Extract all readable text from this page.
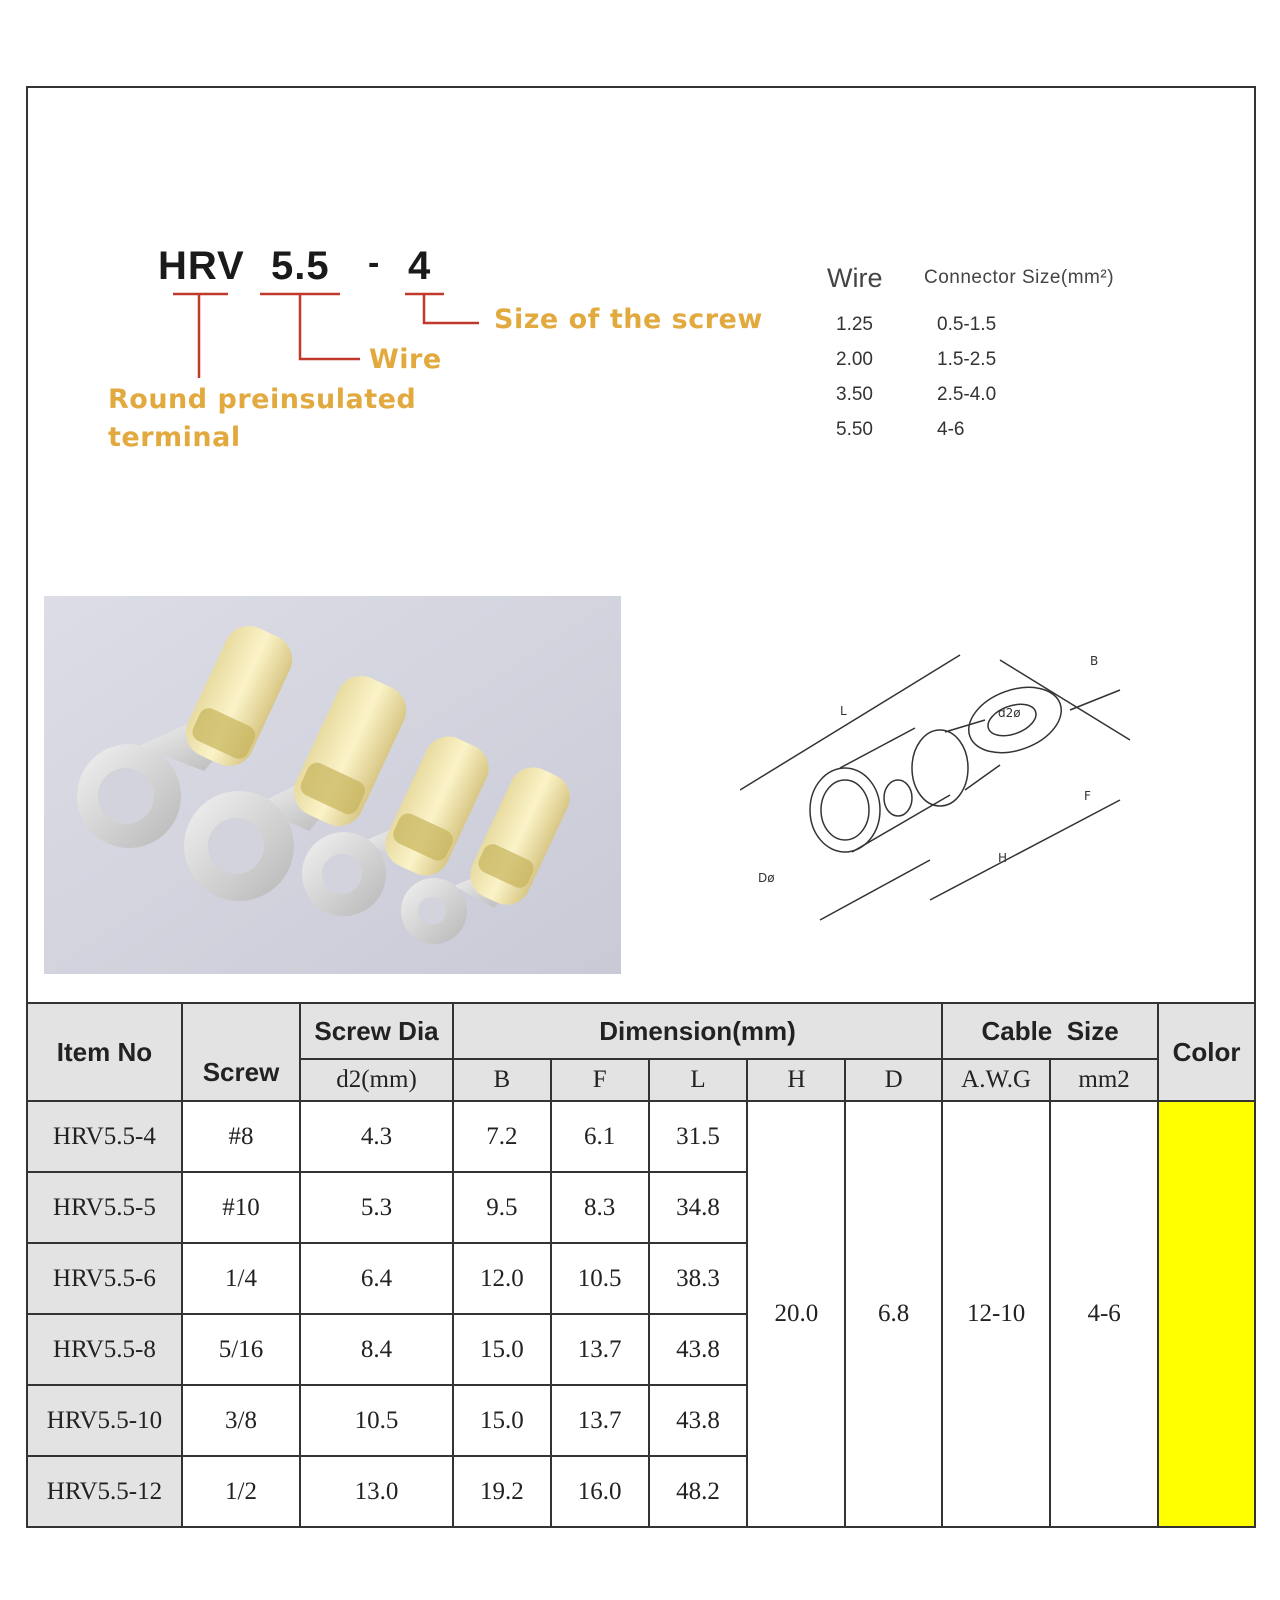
HRV 5.5 - 4
Size of the screw
Wire
Round preinsulated
terminal
Wire Connector Size(mm²)
1.25	0.5-1.5
2.00	1.5-2.5
3.50	2.5-4.0
5.50	4-6
L
B
d2ø
F
H
Dø
Item No	Screw	Screw Dia	Dimension(mm)					Cable  Size		Color
		d2(mm)	B	F	L	H	D	A.W.G	mm2	
HRV5.5-4	#8	4.3	7.2	6.1	31.5	20.0	6.8	12-10	4-6	
HRV5.5-5	#10	5.3	9.5	8.3	34.8					
HRV5.5-6	1/4	6.4	12.0	10.5	38.3					
HRV5.5-8	5/16	8.4	15.0	13.7	43.8					
HRV5.5-10	3/8	10.5	15.0	13.7	43.8					
HRV5.5-12	1/2	13.0	19.2	16.0	48.2					
